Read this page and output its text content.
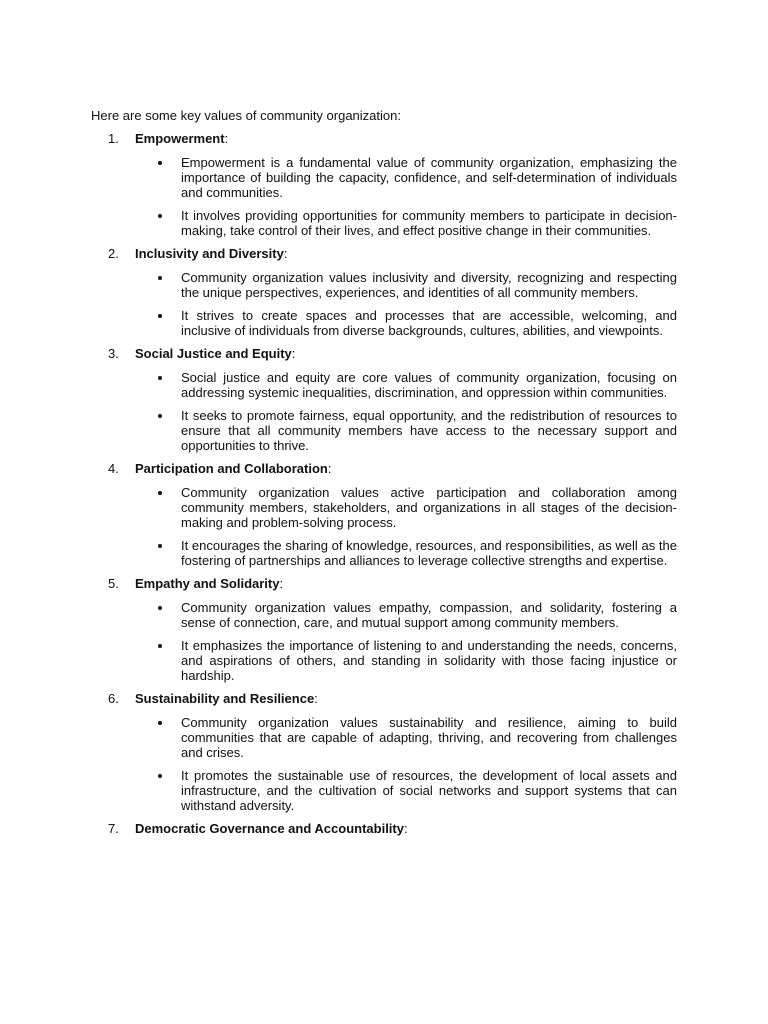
Here are some key values of community organization:

1.	Empowerment:
Empowerment is a fundamental value of community organization, emphasizing the importance of building the capacity, confidence, and self-determination of individuals and communities.
It involves providing opportunities for community members to participate in decision-making, take control of their lives, and effect positive change in their communities.
2.	Inclusivity and Diversity:
Community organization values inclusivity and diversity, recognizing and respecting the unique perspectives, experiences, and identities of all community members.
It strives to create spaces and processes that are accessible, welcoming, and inclusive of individuals from diverse backgrounds, cultures, abilities, and viewpoints.
3.	Social Justice and Equity:
Social justice and equity are core values of community organization, focusing on addressing systemic inequalities, discrimination, and oppression within communities.
It seeks to promote fairness, equal opportunity, and the redistribution of resources to ensure that all community members have access to the necessary support and opportunities to thrive.
4.	Participation and Collaboration:
Community organization values active participation and collaboration among community members, stakeholders, and organizations in all stages of the decision-making and problem-solving process.
It encourages the sharing of knowledge, resources, and responsibilities, as well as the fostering of partnerships and alliances to leverage collective strengths and expertise.
5.	Empathy and Solidarity:
Community organization values empathy, compassion, and solidarity, fostering a sense of connection, care, and mutual support among community members.
It emphasizes the importance of listening to and understanding the needs, concerns, and aspirations of others, and standing in solidarity with those facing injustice or hardship.
6.	Sustainability and Resilience:
Community organization values sustainability and resilience, aiming to build communities that are capable of adapting, thriving, and recovering from challenges and crises.
It promotes the sustainable use of resources, the development of local assets and infrastructure, and the cultivation of social networks and support systems that can withstand adversity.
7.	Democratic Governance and Accountability:
